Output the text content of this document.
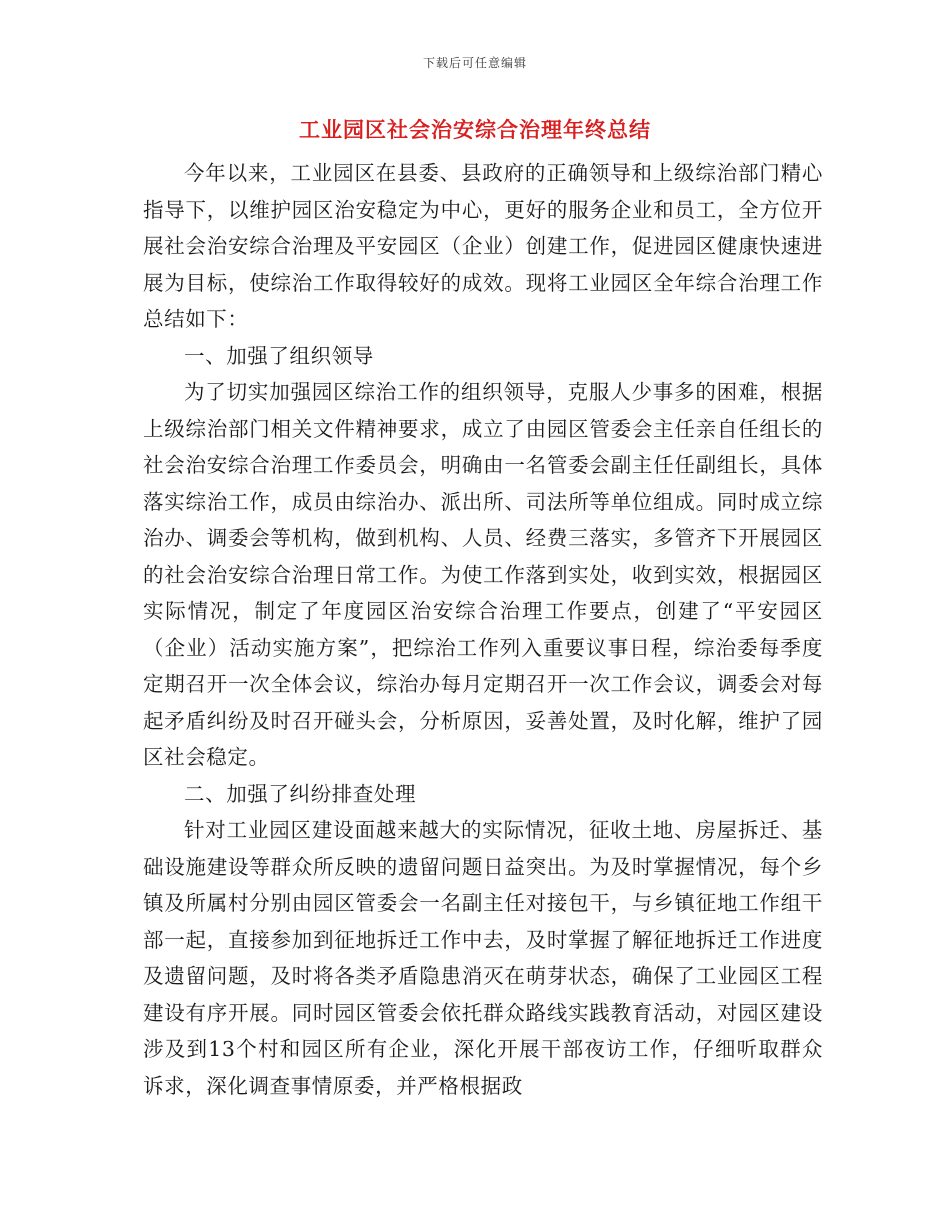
下载后可任意编辑
工业园区社会治安综合治理年终总结

今年以来，工业园区在县委、县政府的正确领导和上级综治部门精心指导下，以维护园区治安稳定为中心，更好的服务企业和员工，全方位开展社会治安综合治理及平安园区（企业）创建工作，促进园区健康快速进展为目标，使综治工作取得较好的成效。现将工业园区全年综合治理工作总结如下：

一、加强了组织领导

为了切实加强园区综治工作的组织领导，克服人少事多的困难，根据上级综治部门相关文件精神要求，成立了由园区管委会主任亲自任组长的社会治安综合治理工作委员会，明确由一名管委会副主任任副组长，具体落实综治工作，成员由综治办、派出所、司法所等单位组成。同时成立综治办、调委会等机构，做到机构、人员、经费三落实，多管齐下开展园区的社会治安综合治理日常工作。为使工作落到实处，收到实效，根据园区实际情况，制定了年度园区治安综合治理工作要点，创建了“平安园区（企业）活动实施方案”，把综治工作列入重要议事日程，综治委每季度定期召开一次全体会议，综治办每月定期召开一次工作会议，调委会对每起矛盾纠纷及时召开碰头会，分析原因，妥善处置，及时化解，维护了园区社会稳定。

二、加强了纠纷排查处理

针对工业园区建设面越来越大的实际情况，征收土地、房屋拆迁、基础设施建设等群众所反映的遗留问题日益突出。为及时掌握情况，每个乡镇及所属村分别由园区管委会一名副主任对接包干，与乡镇征地工作组干部一起，直接参加到征地拆迁工作中去，及时掌握了解征地拆迁工作进度及遗留问题，及时将各类矛盾隐患消灭在萌芽状态，确保了工业园区工程建设有序开展。同时园区管委会依托群众路线实践教育活动，对园区建设涉及到13个村和园区所有企业，深化开展干部夜访工作，仔细听取群众诉求，深化调查事情原委，并严格根据政
